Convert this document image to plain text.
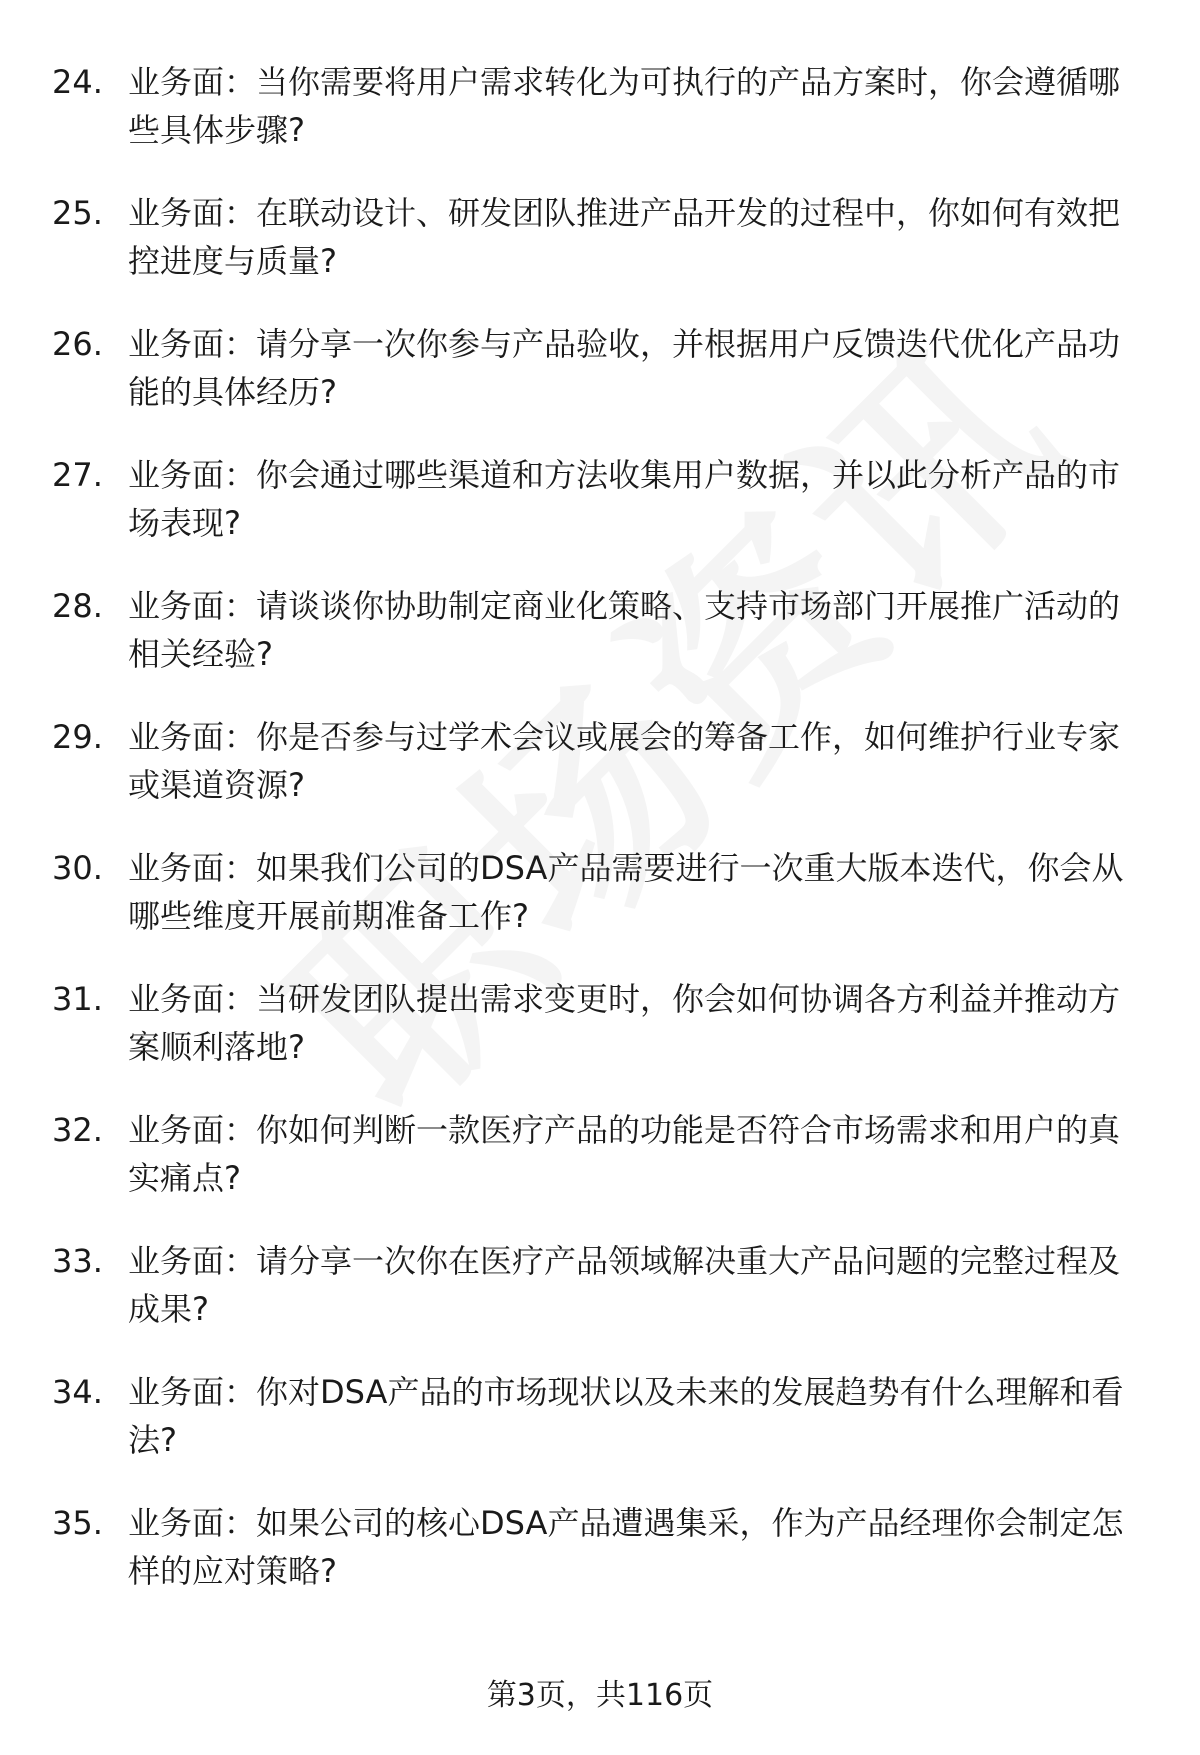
24. 业务面：当你需要将用户需求转化为可执行的产品方案时，你会遵循哪些具体步骤?
25. 业务面：在联动设计、研发团队推进产品开发的过程中，你如何有效把控进度与质量?
26. 业务面：请分享一次你参与产品验收，并根据用户反馈迭代优化产品功能的具体经历?
27. 业务面：你会通过哪些渠道和方法收集用户数据，并以此分析产品的市场表现?
28. 业务面：请谈谈你协助制定商业化策略、支持市场部门开展推广活动的相关经验?
29. 业务面：你是否参与过学术会议或展会的筹备工作，如何维护行业专家或渠道资源?
30. 业务面：如果我们公司的DSA产品需要进行一次重大版本迭代，你会从哪些维度开展前期准备工作?
31. 业务面：当研发团队提出需求变更时，你会如何协调各方利益并推动方案顺利落地?
32. 业务面：你如何判断一款医疗产品的功能是否符合市场需求和用户的真实痛点?
33. 业务面：请分享一次你在医疗产品领域解决重大产品问题的完整过程及成果?
34. 业务面：你对DSA产品的市场现状以及未来的发展趋势有什么理解和看法?
35. 业务面：如果公司的核心DSA产品遭遇集采，作为产品经理你会制定怎样的应对策略?
第3页，共116页
